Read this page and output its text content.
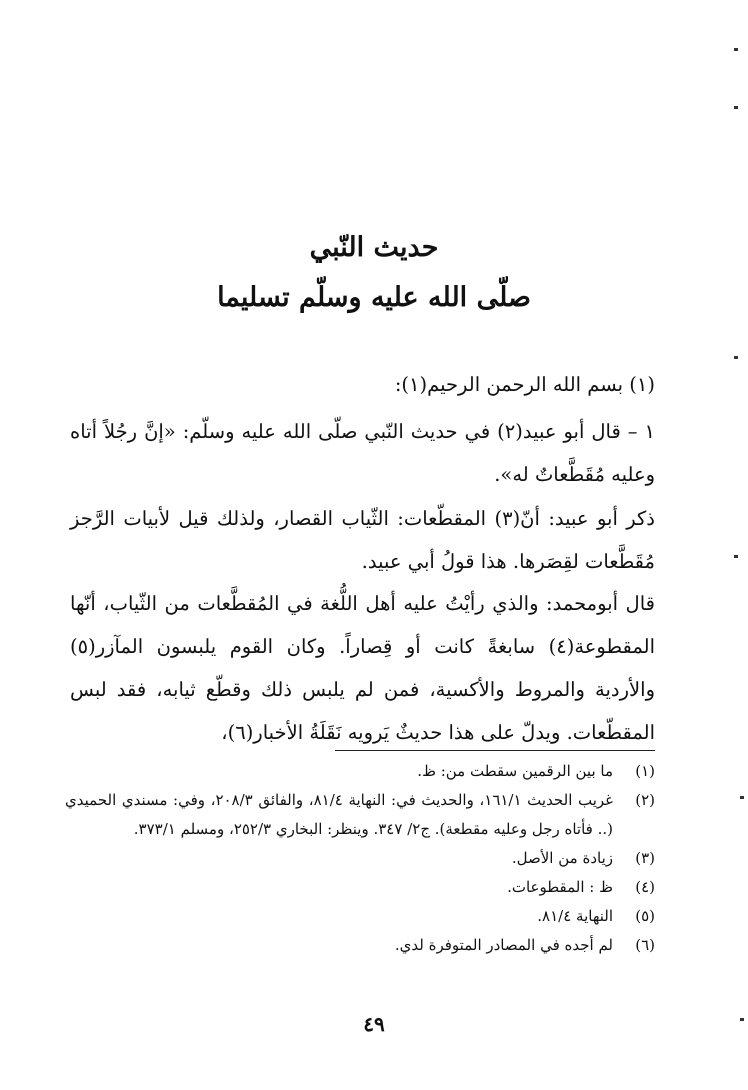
حديث النّبي
صلّى الله عليه وسلّم تسليما
(١) بسم الله الرحمن الرحيم(١):
١ – قال أبو عبيد(٢) في حديث النّبي صلّى الله عليه وسلّم: «إنَّ رجُلاً أتاه وعليه مُقَطَّعاتٌ له».
ذكر أبو عبيد: أنّ(٣) المقطّعات: الثّياب القصار، ولذلك قيل لأبيات الرَّجز مُقَطَّعات لقِصَرها. هذا قولُ أبي عبيد.
قال أبومحمد: والذي رأيْتُ عليه أهل اللُّغة في المُقطَّعات من الثّياب، أنّها المقطوعة(٤) سابغةً كانت أو قِصاراً. وكان القوم يلبسون المآزر(٥) والأردية والمروط والأكسية، فمن لم يلبس ذلك وقطّع ثيابه، فقد لبس المقطّعات. ويدلّ على هذا حديثٌ يَرويه نَقَلَةُ الأخبار(٦)،
(١)
ما بين الرقمين سقطت من: ظ.
(٢)
غريب الحديث ١٦١/١، والحديث في: النهاية ٨١/٤، والفائق ٢٠٨/٣، وفي: مسندي الحميدي (.. فأتاه رجل وعليه مقطعة). ج٢/ ٣٤٧. وينظر: البخاري ٢٥٢/٣، ومسلم ٣٧٣/١.
(٣)
زيادة من الأصل.
(٤)
ظ : المقطوعات.
(٥)
النهاية ٨١/٤.
(٦)
لم أجده في المصادر المتوفرة لدي.
٤٩
